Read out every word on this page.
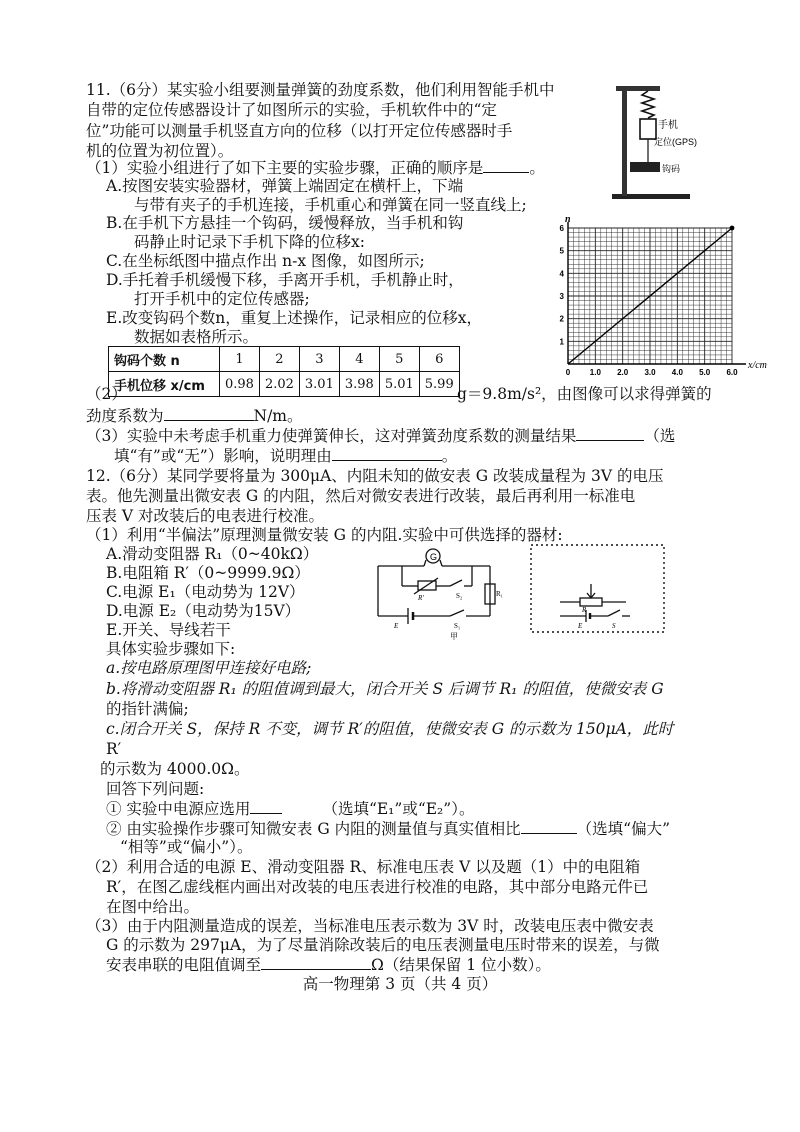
11.（6分）某实验小组要测量弹簧的劲度系数，他们利用智能手机中
自带的定位传感器设计了如图所示的实验，手机软件中的“定
位”功能可以测量手机竖直方向的位移（以打开定位传感器时手
机的位置为初位置）。
（1）实验小组进行了如下主要的实验步骤，正确的顺序是	。
A.按图安装实验器材，弹簧上端固定在横杆上，下端
与带有夹子的手机连接，手机重心和弹簧在同一竖直线上;
B.在手机下方悬挂一个钩码，缓慢释放，当手机和钩
码静止时记录下手机下降的位移x:
C.在坐标纸图中描点作出 n-x 图像，如图所示;
D.手托着手机缓慢下移，手离开手机，手机静止时，
打开手机中的定位传感器;
E.改变钩码个数n，重复上述操作，记录相应的位移x，
数据如表格所示。
钩码个数 n	1	2	3	4	5	6
手机位移 x/cm	0.98	2.02	3.01	3.98	5.01	5.99
（2）	g＝9.8m/s²，由图像可以求得弹簧的
劲度系数为	N/m。
（3）实验中未考虑手机重力使弹簧伸长，这对弹簧劲度系数的测量结果	（选
填“有”或“无”）影响，说明理由	。
手机
定位(GPS)
钩码
0 1.0 2.0 3.0 4.0 5.0 6.0
1
2
3
4
5
6
x/cm
n
12.（6分）某同学要将量为 300μA、内阻未知的做安表 G 改装成量程为 3V 的电压
表。他先测量出微安表 G 的内阻，然后对微安表进行改装，最后再利用一标准电
压表 V 对改装后的电表进行校准。
（1）利用“半偏法”原理测量微安装 G 的内阻.实验中可供选择的器材:
A.滑动变阻器 R₁（0~40kΩ）
B.电阻箱 R′（0~9999.9Ω）
C.电源 E₁（电动势为 12V）
D.电源 E₂（电动势为15V）
E.开关、导线若干
具体实验步骤如下:
a.按电路原理图甲连接好电路;
b.将滑动变阻器 R₁ 的阻值调到最大，闭合开关 S 后调节 R₁ 的阻值，使微安表 G
的指针满偏;
c.闭合开关 S，保持 R 不变，调节 R′的阻值，使微安表 G 的示数为 150μA，此时
R′
的示数为 4000.0Ω。
回答下列问题:
① 实验中电源应选用	（选填“E₁”或“E₂”）。
② 由实验操作步骤可知微安表 G 内阻的测量值与真实值相比	（选填“偏大”
“相等”或“偏小”）。
（2）利用合适的电源 E、滑动变阻器 R、标准电压表 V 以及题（1）中的电阻箱
R′，在图乙虚线框内画出对改装的电压表进行校准的电路，其中部分电路元件已
在图中给出。
（3）由于内阻测量造成的误差，当标准电压表示数为 3V 时，改装电压表中微安表
G 的示数为 297μA，为了尽量消除改装后的电压表测量电压时带来的误差，与微
安表串联的电阻值调至	Ω（结果保留 1 位小数）。
G
R′	S₂	R₁
E	S₁
甲
R
E	S
高一物理第 3 页（共 4 页）
